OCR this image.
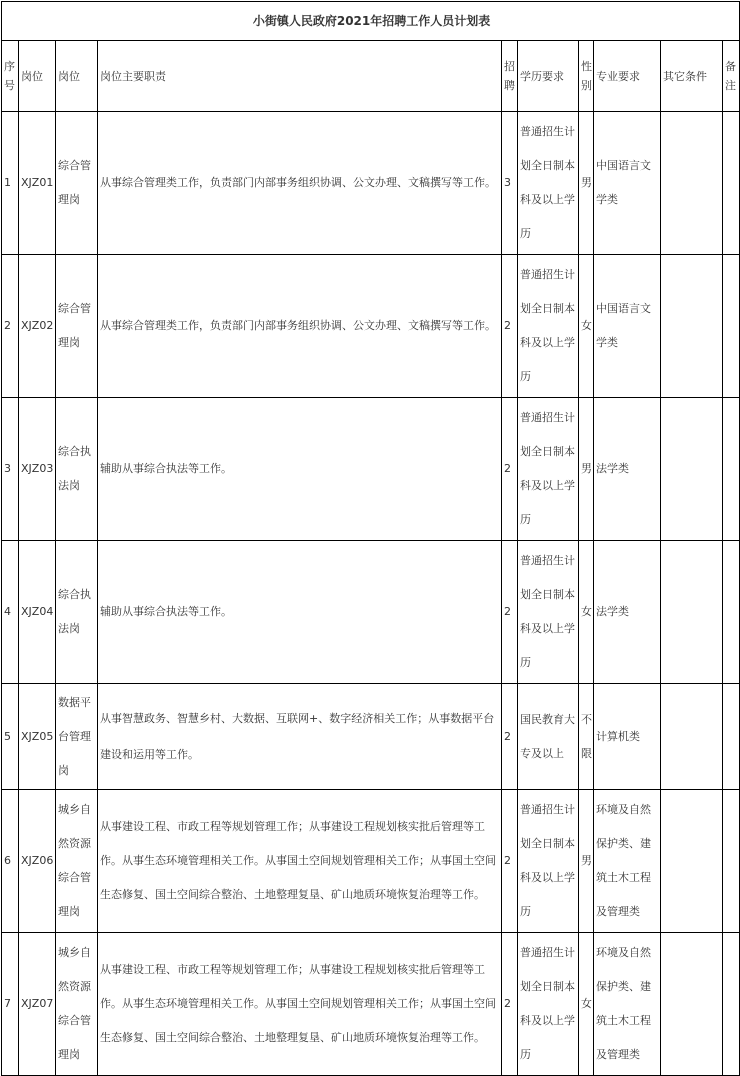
小街镇人民政府2021年招聘工作人员计划表									
序号	岗位	岗位	岗位主要职责	招聘	学历要求	性别	专业要求	其它条件	备注
1	XJZ01	综合管理岗	从事综合管理类工作，负责部门内部事务组织协调、公文办理、文稿撰写等工作。	3	普通招生计划全日制本科及以上学历	男	中国语言文学类		
2	XJZ02	综合管理岗	从事综合管理类工作，负责部门内部事务组织协调、公文办理、文稿撰写等工作。	2	普通招生计划全日制本科及以上学历	女	中国语言文学类		
3	XJZ03	综合执法岗	辅助从事综合执法等工作。	2	普通招生计划全日制本科及以上学历	男	法学类		
4	XJZ04	综合执法岗	辅助从事综合执法等工作。	2	普通招生计划全日制本科及以上学历	女	法学类		
5	XJZ05	数据平台管理岗	从事智慧政务、智慧乡村、大数据、互联网+、数字经济相关工作；从事数据平台建设和运用等工作。	2	国民教育大专及以上	不限	计算机类		
6	XJZ06	城乡自然资源综合管理岗	从事建设工程、市政工程等规划管理工作；从事建设工程规划核实批后管理等工作。从事生态环境管理相关工作。从事国土空间规划管理相关工作；从事国土空间生态修复、国土空间综合整治、土地整理复垦、矿山地质环境恢复治理等工作。	2	普通招生计划全日制本科及以上学历	男	环境及自然保护类、建筑土木工程及管理类		
7	XJZ07	城乡自然资源综合管理岗	从事建设工程、市政工程等规划管理工作；从事建设工程规划核实批后管理等工作。从事生态环境管理相关工作。从事国土空间规划管理相关工作；从事国土空间生态修复、国土空间综合整治、土地整理复垦、矿山地质环境恢复治理等工作。	2	普通招生计划全日制本科及以上学历	女	环境及自然保护类、建筑土木工程及管理类		
